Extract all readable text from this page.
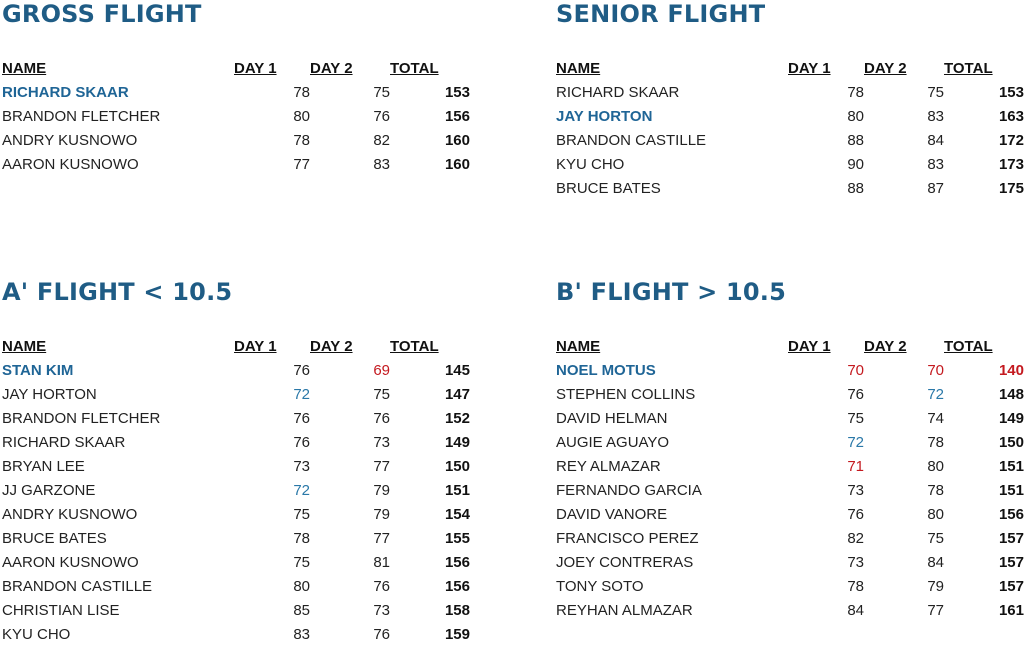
GROSS FLIGHT
NAME	DAY 1	DAY 2	TOTAL
RICHARD SKAAR	78	75	153
BRANDON FLETCHER	80	76	156
ANDRY KUSNOWO	78	82	160
AARON KUSNOWO	77	83	160
SENIOR FLIGHT
NAME	DAY 1	DAY 2	TOTAL
RICHARD SKAAR	78	75	153
JAY HORTON	80	83	163
BRANDON CASTILLE	88	84	172
KYU CHO	90	83	173
BRUCE BATES	88	87	175
A' FLIGHT < 10.5
NAME	DAY 1	DAY 2	TOTAL
STAN KIM	76	69	145
JAY HORTON	72	75	147
BRANDON FLETCHER	76	76	152
RICHARD SKAAR	76	73	149
BRYAN LEE	73	77	150
JJ GARZONE	72	79	151
ANDRY KUSNOWO	75	79	154
BRUCE BATES	78	77	155
AARON KUSNOWO	75	81	156
BRANDON CASTILLE	80	76	156
CHRISTIAN LISE	85	73	158
KYU CHO	83	76	159
B' FLIGHT > 10.5
NAME	DAY 1	DAY 2	TOTAL
NOEL MOTUS	70	70	140
STEPHEN COLLINS	76	72	148
DAVID HELMAN	75	74	149
AUGIE AGUAYO	72	78	150
REY ALMAZAR	71	80	151
FERNANDO GARCIA	73	78	151
DAVID VANORE	76	80	156
FRANCISCO PEREZ	82	75	157
JOEY CONTRERAS	73	84	157
TONY SOTO	78	79	157
REYHAN ALMAZAR	84	77	161
